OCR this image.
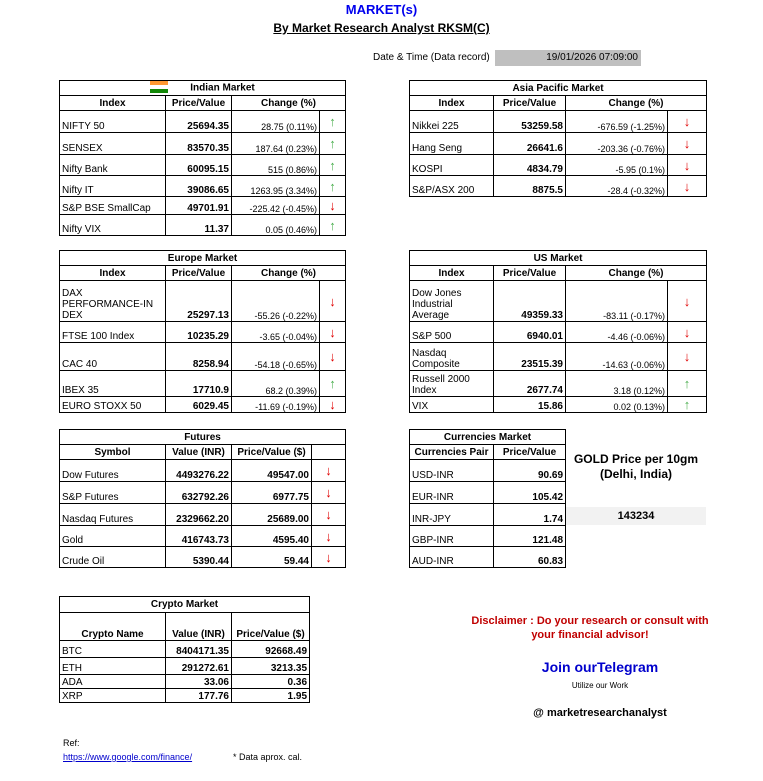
MARKET(s)
By Market Research Analyst RKSM(C)
Date & Time (Data record)	19/01/2026 07:09:00
Indian Market			
Index	Price/Value	Change (%)	
NIFTY 50	25694.35	28.75 (0.11%)	↑
SENSEX	83570.35	187.64 (0.23%)	↑
Nifty Bank	60095.15	515 (0.86%)	↑
Nifty IT	39086.65	1263.95 (3.34%)	↑
S&P BSE SmallCap	49701.91	-225.42 (-0.45%)	↓
Nifty VIX	11.37	0.05 (0.46%)	↑
Asia Pacific Market			
Index	Price/Value	Change (%)	
Nikkei 225	53259.58	-676.59 (-1.25%)	↓
Hang Seng	26641.6	-203.36 (-0.76%)	↓
KOSPI	4834.79	-5.95 (0.1%)	↓
S&P/ASX 200	8875.5	-28.4 (-0.32%)	↓
Europe Market			
Index	Price/Value	Change (%)	
DAX PERFORMANCE-IN DEX	25297.13	-55.26 (-0.22%)	↓
FTSE 100 Index	10235.29	-3.65 (-0.04%)	↓
CAC 40	8258.94	-54.18 (-0.65%)	↓
IBEX 35	17710.9	68.2 (0.39%)	↑
EURO STOXX 50	6029.45	-11.69 (-0.19%)	↓
US Market			
Index	Price/Value	Change (%)	
Dow Jones Industrial Average	49359.33	-83.11 (-0.17%)	↓
S&P 500	6940.01	-4.46 (-0.06%)	↓
Nasdaq Composite	23515.39	-14.63 (-0.06%)	↓
Russell 2000 Index	2677.74	3.18 (0.12%)	↑
VIX	15.86	0.02 (0.13%)	↑
Futures			
Symbol	Value (INR)	Price/Value ($)	
Dow Futures	4493276.22	49547.00	↓
S&P Futures	632792.26	6977.75	↓
Nasdaq Futures	2329662.20	25689.00	↓
Gold	416743.73	4595.40	↓
Crude Oil	5390.44	59.44	↓
Currencies Market	
Currencies Pair	Price/Value
USD-INR	90.69
EUR-INR	105.42
INR-JPY	1.74
GBP-INR	121.48
AUD-INR	60.83
GOLD Price per 10gm (Delhi, India)
143234
Crypto Market		
Crypto Name	Value (INR)	Price/Value ($)
BTC	8404171.35	92668.49
ETH	291272.61	3213.35
ADA	33.06	0.36
XRP	177.76	1.95
Disclaimer : Do your research or consult with your financial advisor!
Join ourTelegram
Utilize our Work
@ marketresearchanalyst
Ref:
https://www.google.com/finance/	* Data aprox. cal.
